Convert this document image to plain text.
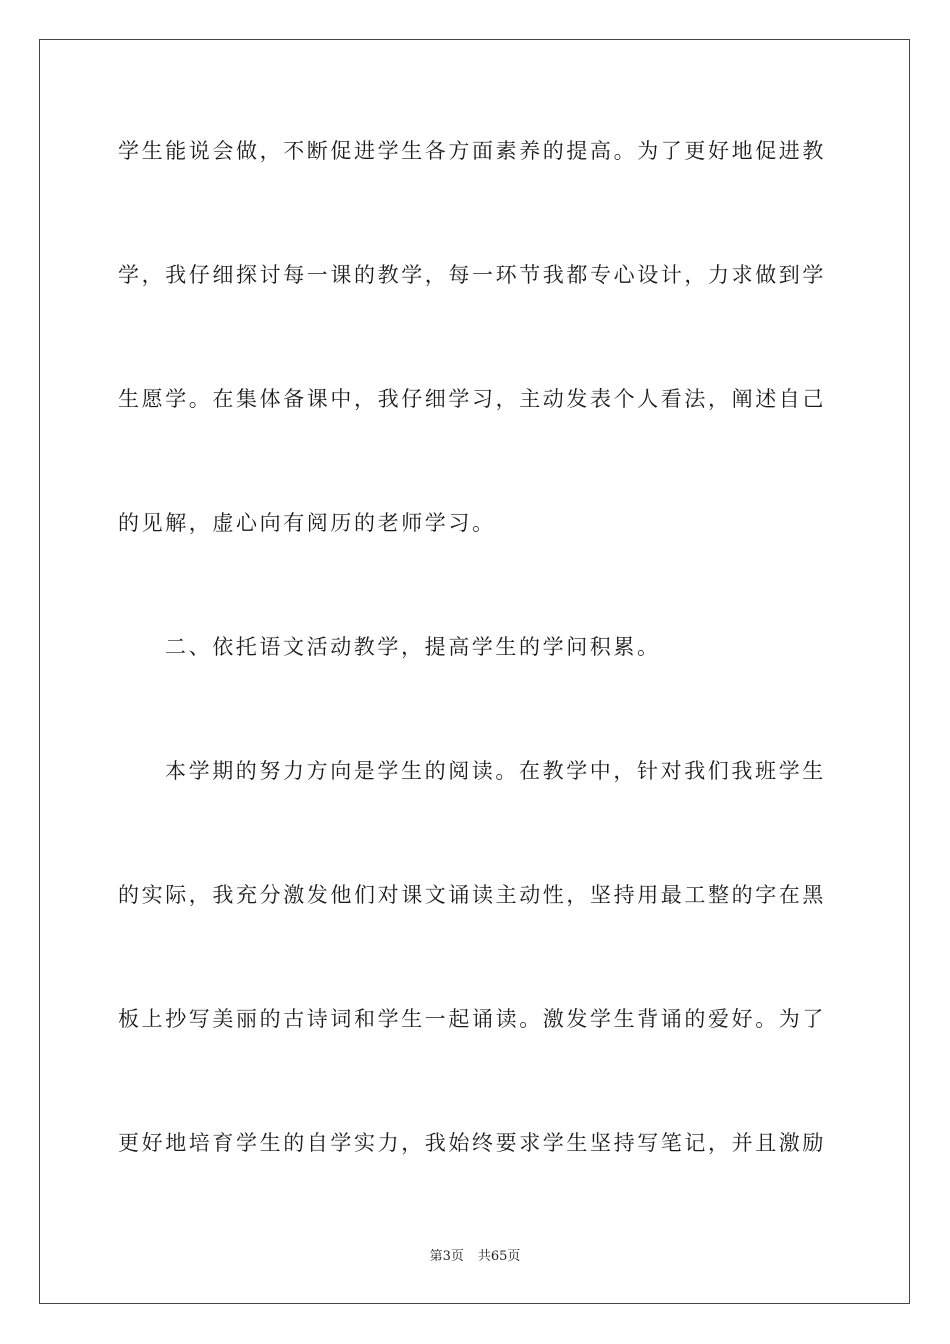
学生能说会做，不断促进学生各方面素养的提高。为了更好地促进教
学，我仔细探讨每一课的教学，每一环节我都专心设计，力求做到学
生愿学。在集体备课中，我仔细学习，主动发表个人看法，阐述自己
的见解，虚心向有阅历的老师学习。
二、依托语文活动教学，提高学生的学问积累。
本学期的努力方向是学生的阅读。在教学中，针对我们我班学生
的实际，我充分激发他们对课文诵读主动性，坚持用最工整的字在黑
板上抄写美丽的古诗词和学生一起诵读。激发学生背诵的爱好。为了
更好地培育学生的自学实力，我始终要求学生坚持写笔记，并且激励
第3页 共65页
